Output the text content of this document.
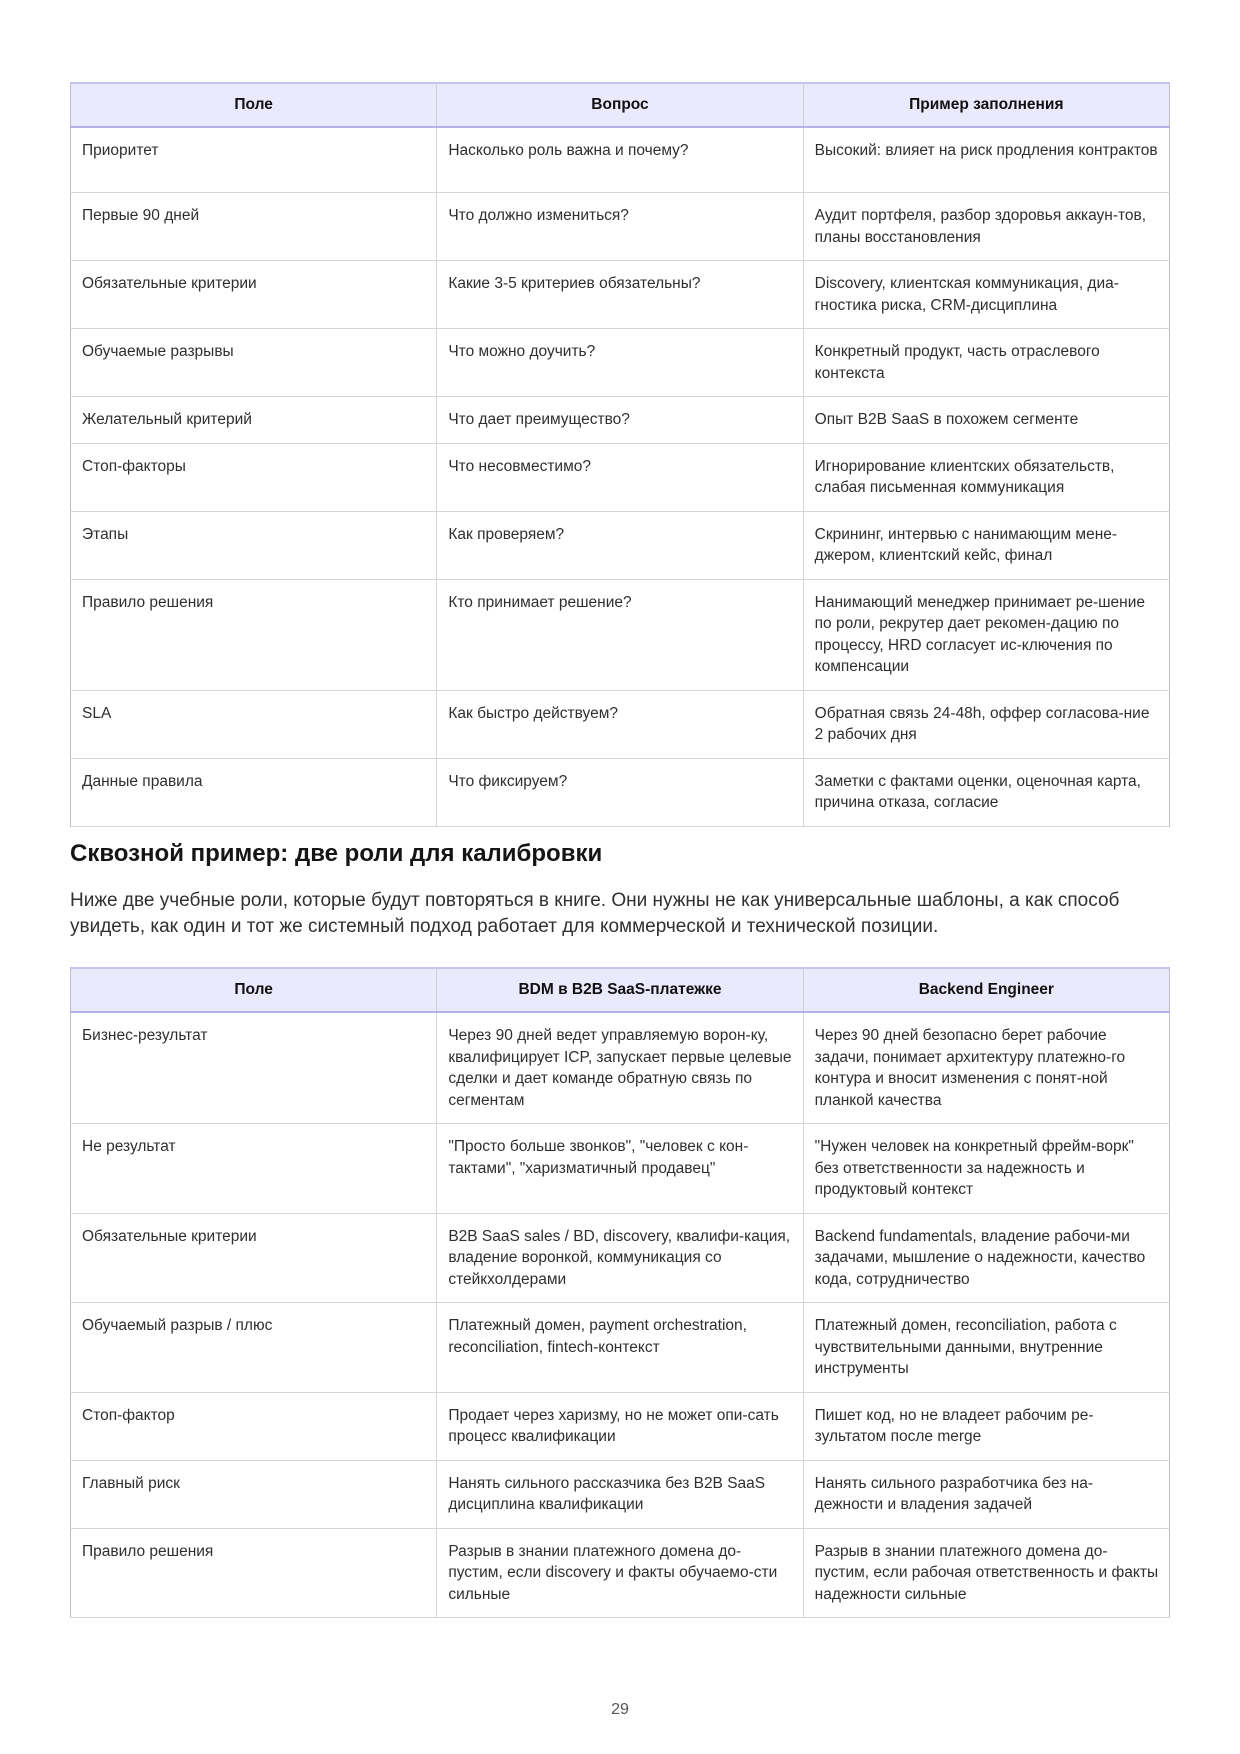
Поле	Вопрос	Пример заполнения
Приоритет	Насколько роль важна и почему?	Высокий: влияет на риск продления контрактов
Первые 90 дней	Что должно измениться?	Аудит портфеля, разбор здоровья аккаун-тов, планы восстановления
Обязательные критерии	Какие 3-5 критериев обязательны?	Discovery, клиентская коммуникация, диа-гностика риска, CRM-дисциплина
Обучаемые разрывы	Что можно доучить?	Конкретный продукт, часть отраслевого контекста
Желательный критерий	Что дает преимущество?	Опыт B2B SaaS в похожем сегменте
Стоп-факторы	Что несовместимо?	Игнорирование клиентских обязательств, слабая письменная коммуникация
Этапы	Как проверяем?	Скрининг, интервью с нанимающим мене-джером, клиентский кейс, финал
Правило решения	Кто принимает решение?	Нанимающий менеджер принимает ре-шение по роли, рекрутер дает рекомен-дацию по процессу, HRD согласует ис-ключения по компенсации
SLA	Как быстро действуем?	Обратная связь 24-48h, оффер согласова-ние 2 рабочих дня
Данные правила	Что фиксируем?	Заметки с фактами оценки, оценочная карта, причина отказа, согласие
Сквозной пример: две роли для калибровки

Ниже две учебные роли, которые будут повторяться в книге. Они нужны не как универсальные шаблоны, а как способ увидеть, как один и тот же системный подход работает для коммерческой и технической позиции.

Поле	BDM в B2B SaaS-платежке	Backend Engineer
Бизнес-результат	Через 90 дней ведет управляемую ворон-ку, квалифицирует ICP, запускает первые целевые сделки и дает команде обратную связь по сегментам	Через 90 дней безопасно берет рабочие задачи, понимает архитектуру платежно-го контура и вносит изменения с понят-ной планкой качества
Не результат	"Просто больше звонков", "человек с кон-тактами", "харизматичный продавец"	"Нужен человек на конкретный фрейм-ворк" без ответственности за надежность и продуктовый контекст
Обязательные критерии	B2B SaaS sales / BD, discovery, квалифи-кация, владение воронкой, коммуникация со стейкхолдерами	Backend fundamentals, владение рабочи-ми задачами, мышление о надежности, качество кода, сотрудничество
Обучаемый разрыв / плюс	Платежный домен, payment orchestration, reconciliation, fintech-контекст	Платежный домен, reconciliation, работа с чувствительными данными, внутренние инструменты
Стоп-фактор	Продает через харизму, но не может опи-сать процесс квалификации	Пишет код, но не владеет рабочим ре-зультатом после merge
Главный риск	Нанять сильного рассказчика без B2B SaaS дисциплина квалификации	Нанять сильного разработчика без на-дежности и владения задачей
Правило решения	Разрыв в знании платежного домена до-пустим, если discovery и факты обучаемо-сти сильные	Разрыв в знании платежного домена до-пустим, если рабочая ответственность и факты надежности сильные
29
